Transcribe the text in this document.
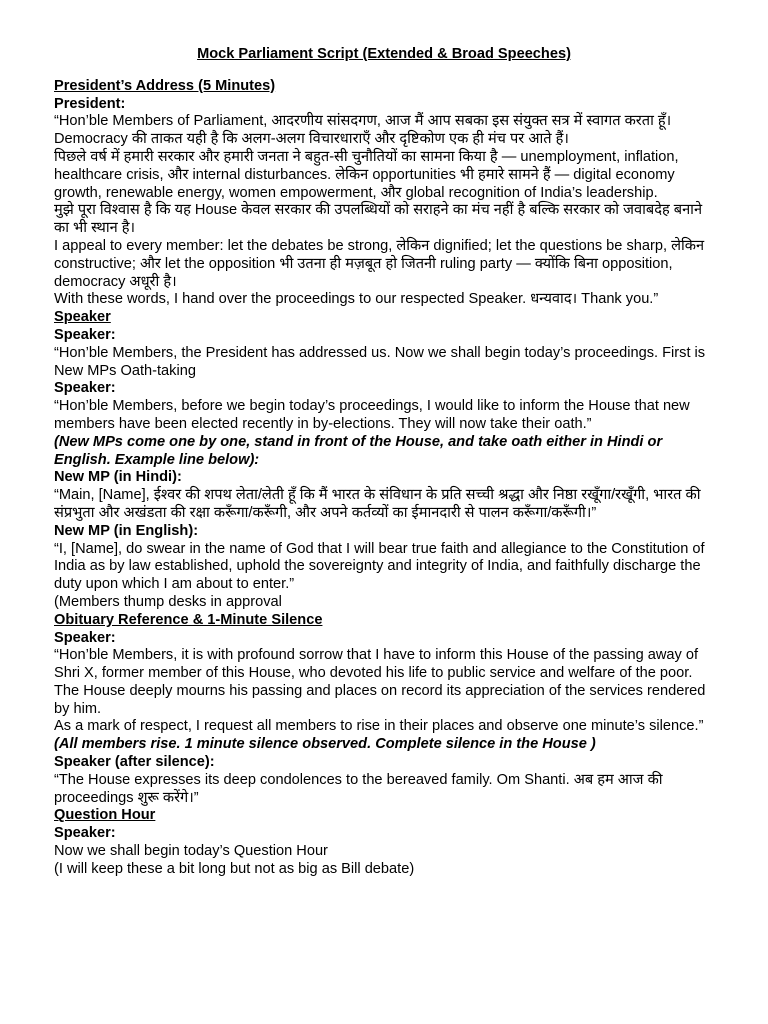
Mock Parliament Script (Extended & Broad Speeches)

President’s Address (5 Minutes)

President:

“Hon’ble Members of Parliament, आदरणीय सांसदगण, आज मैं आप सबका इस संयुक्त सत्र में स्वागत करता हूँ। Democracy की ताकत यही है कि अलग-अलग विचारधाराएँ और दृष्टिकोण एक ही मंच पर आते हैं।

पिछले वर्ष में हमारी सरकार और हमारी जनता ने बहुत-सी चुनौतियों का सामना किया है — unemployment, inflation, healthcare crisis, और internal disturbances. लेकिन opportunities भी हमारे सामने हैं — digital economy growth, renewable energy, women empowerment, और global recognition of India’s leadership.

मुझे पूरा विश्वास है कि यह House केवल सरकार की उपलब्धियों को सराहने का मंच नहीं है बल्कि सरकार को जवाबदेह बनाने का भी स्थान है।

I appeal to every member: let the debates be strong, लेकिन dignified; let the questions be sharp, लेकिन constructive; और let the opposition भी उतना ही मज़बूत हो जितनी ruling party — क्योंकि बिना opposition, democracy अधूरी है।

With these words, I hand over the proceedings to our respected Speaker. धन्यवाद। Thank you.”

Speaker

Speaker:

“Hon’ble Members, the President has addressed us. Now we shall begin today’s proceedings. First is

New MPs Oath-taking

Speaker:

“Hon’ble Members, before we begin today’s proceedings, I would like to inform the House that new members have been elected recently in by-elections. They will now take their oath.”

(New MPs come one by one, stand in front of the House, and take oath either in Hindi or English. Example line below):

New MP (in Hindi):

“Main, [Name], ईश्वर की शपथ लेता/लेती हूँ कि मैं भारत के संविधान के प्रति सच्ची श्रद्धा और निष्ठा रखूँगा/रखूँगी, भारत की संप्रभुता और अखंडता की रक्षा करूँगा/करूँगी, और अपने कर्तव्यों का ईमानदारी से पालन करूँगा/करूँगी।”

New MP (in English):

“I, [Name], do swear in the name of God that I will bear true faith and allegiance to the Constitution of India as by law established, uphold the sovereignty and integrity of India, and faithfully discharge the duty upon which I am about to enter.”

(Members thump desks in approval

Obituary Reference & 1-Minute Silence

Speaker:

“Hon’ble Members, it is with profound sorrow that I have to inform this House of the passing away of Shri X, former member of this House, who devoted his life to public service and welfare of the poor. The House deeply mourns his passing and places on record its appreciation of the services rendered by him.

As a mark of respect, I request all members to rise in their places and observe one minute’s silence.”

(All members rise. 1 minute silence observed. Complete silence in the House )

Speaker (after silence):

“The House expresses its deep condolences to the bereaved family. Om Shanti. अब हम आज की proceedings शुरू करेंगे।”

Question Hour

Speaker:

Now we shall begin today’s Question Hour

(I will keep these a bit long but not as big as Bill debate)
